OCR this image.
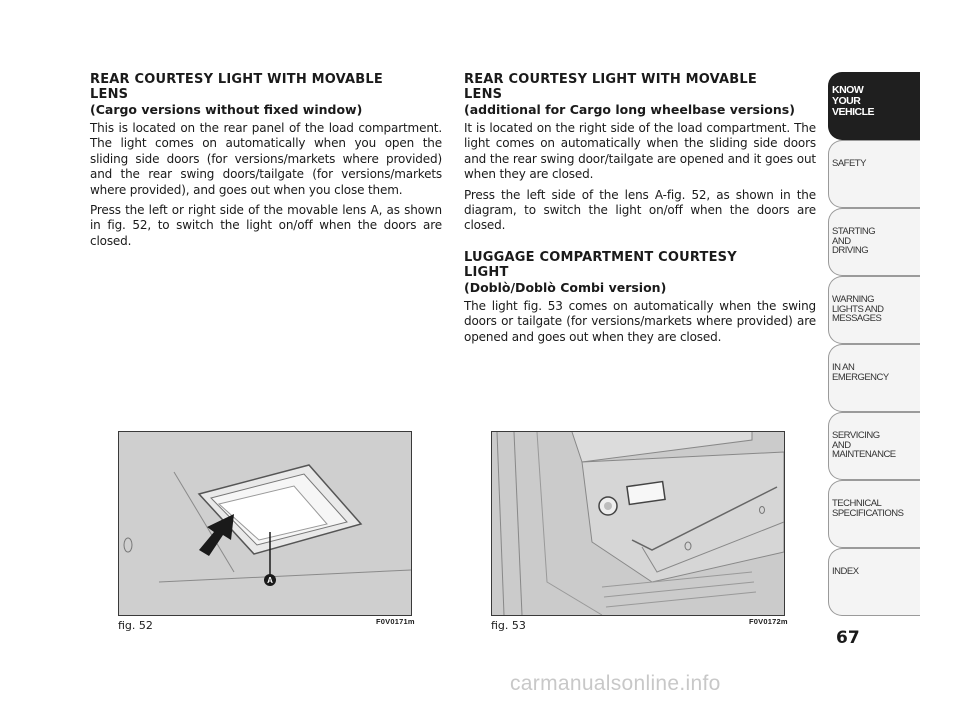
REAR COURTESY LIGHT WITH MOVABLE
LENS

(Cargo versions without fixed window)

This is located on the rear panel of the load compartment. The light comes on automatically when you open the sliding side doors (for versions/markets where provided) and the rear swing doors/tailgate (for versions/markets where provided), and goes out when you close them.

Press the left or right side of the movable lens A, as shown in fig. 52, to switch the light on/off when the doors are closed.

REAR COURTESY LIGHT WITH MOVABLE
LENS

(additional for Cargo long wheelbase versions)

It is located on the right side of the load compartment. The light comes on automatically when the sliding side doors and the rear swing door/tailgate are opened and it goes out when they are closed.

Press the left side of the lens A-fig. 52, as shown in the diagram, to switch the light on/off when the doors are closed.

LUGGAGE COMPARTMENT COURTESY
LIGHT

(Doblò/Doblò Combi version)

The light fig. 53 comes on automatically when the swing doors or tailgate (for versions/markets where provided) are opened and goes out when they are closed.

A
fig. 52	F0V0171m	fig. 53	F0V0172m
KNOW
YOUR
VEHICLE
SAFETY
STARTING
AND
DRIVING
WARNING
LIGHTS AND
MESSAGES
IN AN
EMERGENCY
SERVICING
AND
MAINTENANCE
TECHNICAL
SPECIFICATIONS
INDEX
67
carmanualsonline.info
